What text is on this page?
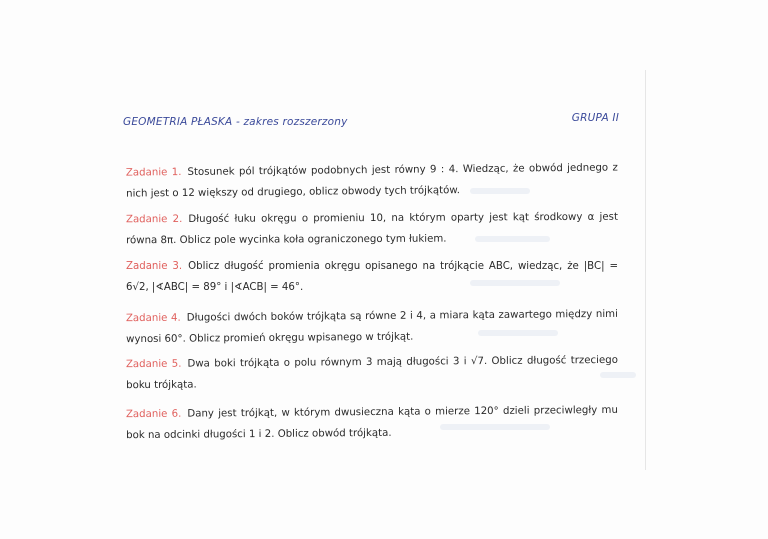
GEOMETRIA PŁASKA - zakres rozszerzony	GRUPA II
Zadanie 1. Stosunek pól trójkątów podobnych jest równy 9 : 4. Wiedząc, że obwód jednego z nich jest o 12 większy od drugiego, oblicz obwody tych trójkątów.
Zadanie 2. Długość łuku okręgu o promieniu 10, na którym oparty jest kąt środkowy α jest równa 8π. Oblicz pole wycinka koła ograniczonego tym łukiem.
Zadanie 3. Oblicz długość promienia okręgu opisanego na trójkącie ABC, wiedząc, że |BC| = 6√2, |∢ABC| = 89° i |∢ACB| = 46°.
Zadanie 4. Długości dwóch boków trójkąta są równe 2 i 4, a miara kąta zawartego między nimi wynosi 60°. Oblicz promień okręgu wpisanego w trójkąt.
Zadanie 5. Dwa boki trójkąta o polu równym 3 mają długości 3 i √7. Oblicz długość trzeciego boku trójkąta.
Zadanie 6. Dany jest trójkąt, w którym dwusieczna kąta o mierze 120° dzieli przeciwległy mu bok na odcinki długości 1 i 2. Oblicz obwód trójkąta.
